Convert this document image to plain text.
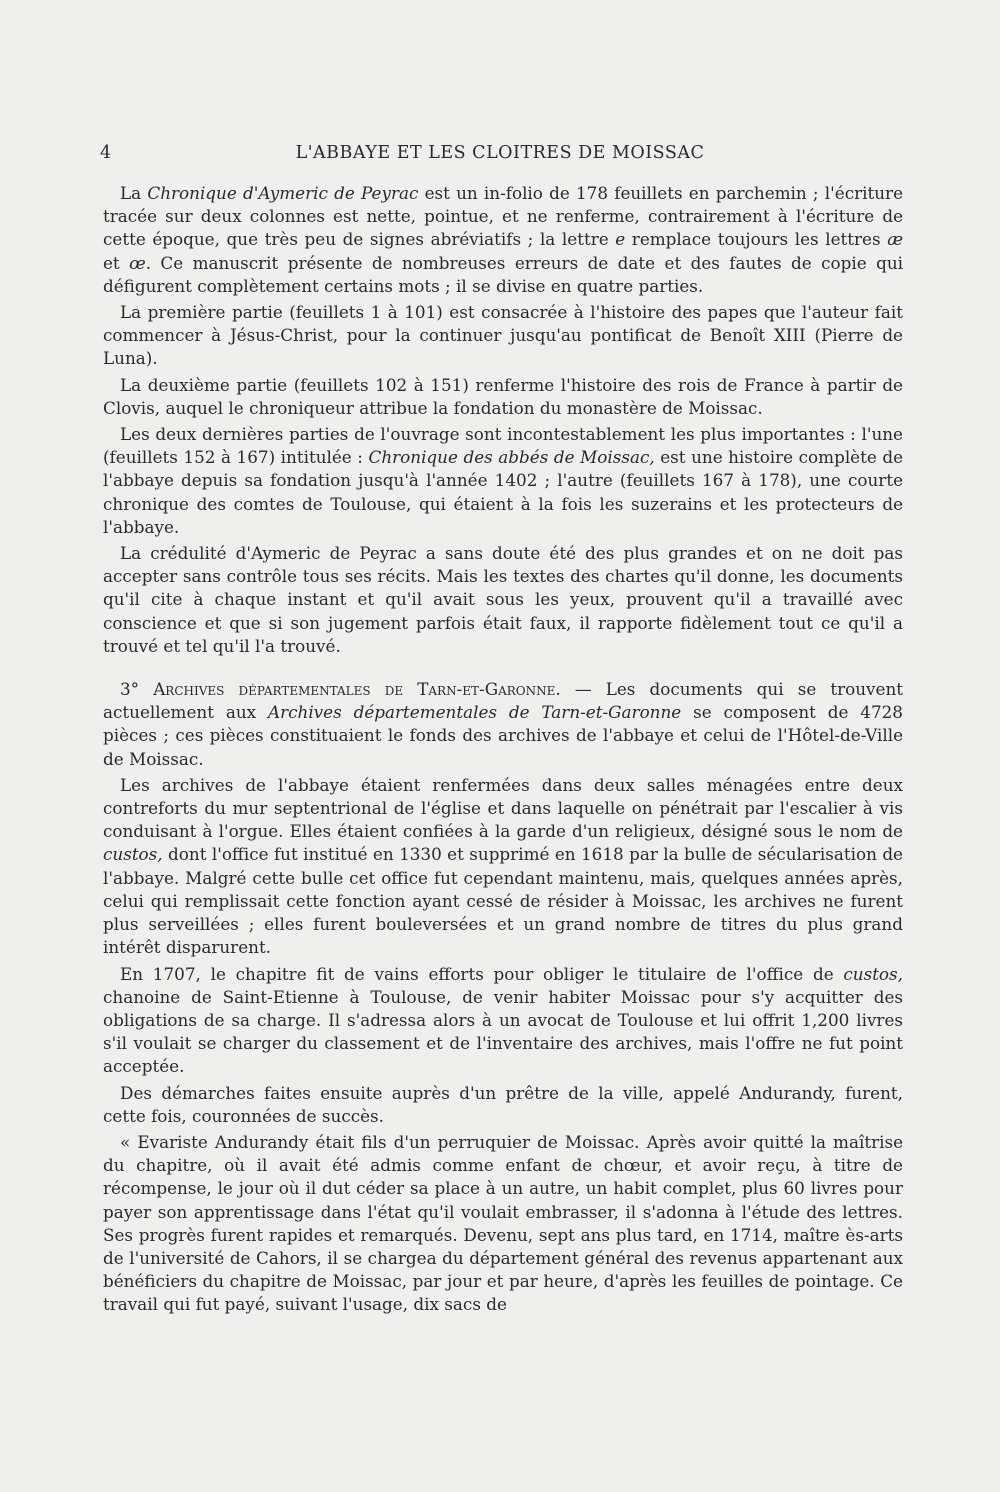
4	L'ABBAYE ET LES CLOITRES DE MOISSAC

La Chronique d'Aymeric de Peyrac est un in-folio de 178 feuillets en parchemin ; l'écriture tracée sur deux colonnes est nette, pointue, et ne renferme, contrairement à l'écriture de cette époque, que très peu de signes abréviatifs ; la lettre e remplace toujours les lettres æ et œ. Ce manuscrit présente de nombreuses erreurs de date et des fautes de copie qui défigurent complètement certains mots ; il se divise en quatre parties.

La première partie (feuillets 1 à 101) est consacrée à l'histoire des papes que l'auteur fait commencer à Jésus-Christ, pour la continuer jusqu'au pontificat de Benoît XIII (Pierre de Luna).

La deuxième partie (feuillets 102 à 151) renferme l'histoire des rois de France à partir de Clovis, auquel le chroniqueur attribue la fondation du monastère de Moissac.

Les deux dernières parties de l'ouvrage sont incontestablement les plus importantes : l'une (feuillets 152 à 167) intitulée : Chronique des abbés de Moissac, est une histoire complète de l'abbaye depuis sa fondation jusqu'à l'année 1402 ; l'autre (feuillets 167 à 178), une courte chronique des comtes de Toulouse, qui étaient à la fois les suzerains et les protecteurs de l'abbaye.

La crédulité d'Aymeric de Peyrac a sans doute été des plus grandes et on ne doit pas accepter sans contrôle tous ses récits. Mais les textes des chartes qu'il donne, les documents qu'il cite à chaque instant et qu'il avait sous les yeux, prouvent qu'il a travaillé avec conscience et que si son jugement parfois était faux, il rapporte fidèlement tout ce qu'il a trouvé et tel qu'il l'a trouvé.

3° Archives départementales de Tarn-et-Garonne. — Les documents qui se trouvent actuellement aux Archives départementales de Tarn-et-Garonne se composent de 4728 pièces ; ces pièces constituaient le fonds des archives de l'abbaye et celui de l'Hôtel-de-Ville de Moissac.

Les archives de l'abbaye étaient renfermées dans deux salles ménagées entre deux contreforts du mur septentrional de l'église et dans laquelle on pénétrait par l'escalier à vis conduisant à l'orgue. Elles étaient confiées à la garde d'un religieux, désigné sous le nom de custos, dont l'office fut institué en 1330 et supprimé en 1618 par la bulle de sécularisation de l'abbaye. Malgré cette bulle cet office fut cependant maintenu, mais, quelques années après, celui qui remplissait cette fonction ayant cessé de résider à Moissac, les archives ne furent plus serveillées ; elles furent bouleversées et un grand nombre de titres du plus grand intérêt disparurent.

En 1707, le chapitre fit de vains efforts pour obliger le titulaire de l'office de custos, chanoine de Saint-Etienne à Toulouse, de venir habiter Moissac pour s'y acquitter des obligations de sa charge. Il s'adressa alors à un avocat de Toulouse et lui offrit 1,200 livres s'il voulait se charger du classement et de l'inventaire des archives, mais l'offre ne fut point acceptée.

Des démarches faites ensuite auprès d'un prêtre de la ville, appelé Andurandy, furent, cette fois, couronnées de succès.

« Evariste Andurandy était fils d'un perruquier de Moissac. Après avoir quitté la maîtrise du chapitre, où il avait été admis comme enfant de chœur, et avoir reçu, à titre de récompense, le jour où il dut céder sa place à un autre, un habit complet, plus 60 livres pour payer son apprentissage dans l'état qu'il voulait embrasser, il s'adonna à l'étude des lettres. Ses progrès furent rapides et remarqués. Devenu, sept ans plus tard, en 1714, maître ès-arts de l'université de Cahors, il se chargea du département général des revenus appartenant aux bénéficiers du chapitre de Moissac, par jour et par heure, d'après les feuilles de pointage. Ce travail qui fut payé, suivant l'usage, dix sacs de
